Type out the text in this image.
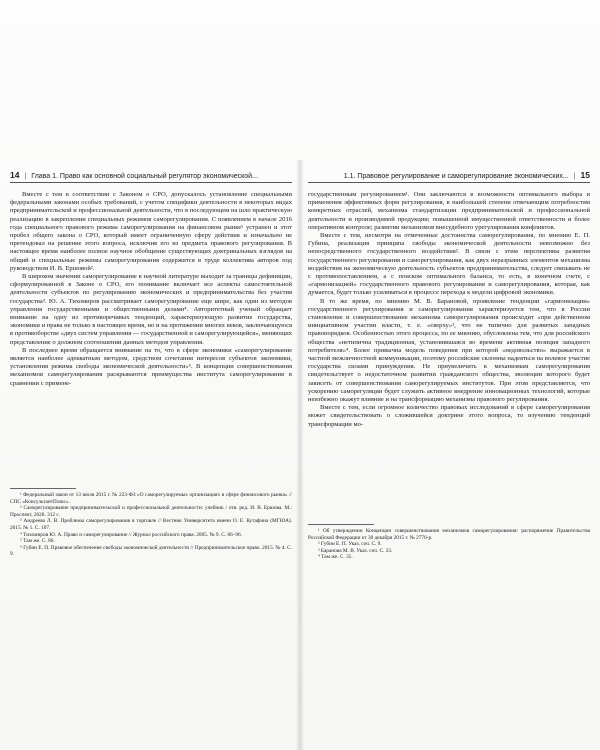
14 | Глава 1. Право как основной социальный регулятор экономической...

Вместе с тем в соответствии с Законом о СРО, допускалось установление специальными федеральными законами особых требований, с учетом специфики деятельности в некоторых видах предпринимательской и профессиональной деятельности, что в последующем на шло практическую реализацию в закреплении специальных режимов саморегулирования. С появлением в начале 2016 года специального правового режима саморегулирования на финансовом рынке¹ устранен и этот пробел общего закона о СРО, который имеет ограниченную сферу действия и изначально не претендовал на решение этого вопроса, исключив его из предмета правового регулирования. В настоящее время наиболее полное научное обобщение существующих доктринальных взглядов на общий и специальные режимы саморегулирования содержится в труде коллектива авторов под руководством И. В. Ершовой².

В широком значении саморегулирование в научной литературе выходит за границы дефиниции, сформулированной в Законе о СРО, его понимание включает все аспекты самостоятельной деятельности субъектов по регулированию экономических и предпринимательства без участия государства³. Ю. А. Тихомиров рассматривает саморегулирование еще шире, как один из методов управления государственными и общественными делами⁴. Авторитетный ученый обращает внимание на одну из противоречивых тенденций, характеризующую развитие государства, экономики и права не только в настоящее время, но и на протяжении многих веков, заключающуюся в противоборстве «двух систем управления — государственной и саморегулирующейся», меняющих представление о должном соотношении данных методов управления.

В последнее время обращается внимание на то, что в сфере экономики «саморегулирование является наиболее адекватным методом, средством сочетания интересов субъектов экономики, установления режима свободы экономической деятельности»⁵. В концепции совершенствования механизмов саморегулирования раскрываются преимущества института саморегулирования в сравнении с примене-

¹ Федеральный закон от 13 июля 2015 г. № 223-ФЗ «О саморегулируемых организациях в сфере финансового рынка» // СПС «КонсультантПлюс».

² Саморегулирование предпринимательской и профессиональной деятельности: учебник / отв. ред. И. В. Ершова. М.: Проспект, 2020. 312 с.

³ Андреева Л. В. Проблемы саморегулирования в торговле // Вестник Университета имени О. Е. Кутафина (МГЮА). 2015. № 1. С. 107.

⁴ Тихомиров Ю. А. Право и саморегулирование // Журнал российского права. 2005. № 9. С. 86–96.

⁵ Там же. С. 86.

⁶ Губин Е. П. Правовое обеспечение свободы экономической деятельности // Предпринимательское право. 2015. № 4. С. 9.

1.1. Правовое регулирование и саморегулирование экономических... | 15

государственным регулированием¹. Они заключаются в возможности оптимального выбора и применения эффективных форм регулирования, в наибольшей степени отвечающим потребностям конкретных отраслей, механизма стандартизации предпринимательской и профессиональной деятельности и производимой продукции; повышенной имущественной ответственности и более оперативном контроле; развитии механизмов внесудебного урегулирования конфликтов.

Вместе с тем, несмотря на отмеченные достоинства саморегулирования, по мнению Е. П. Губина, реализация принципа свободы экономической деятельности невозможно без непосредственного государственного воздействия². В связи с этим перспективы развития государственного регулирования и саморегулирования, как двух неразрывных элементов механизма воздействия на экономическую деятельность субъектов предпринимательства, следует связывать не с противопоставлением, а с поиском оптимального баланса, то есть, в конечном счете, с «гармонизацией» государственного правового регулирования и саморегулирования, которая, как думается, будет только усиливаться в процессе перехода к модели цифровой экономики.

В то же время, по мнению М. В. Барановой, проявление тенденции «гармонизации» государственного регулирования и саморегулирования характеризуется тем, что в России становление и совершенствование механизма саморегулирования происходит «при действенном инициативном участии власти, т. е. «сверху»³, что не типично для развитых западных правопорядков. Особенностью этого процесса, по ее мнению, обусловлена тем, что для российского общества «нетипична традиционная, установившаяся во времени активная позиция западного потребителя»⁴. Более привычна модель поведения при которой «недовольство» выражается в частной межличностной коммуникации, поэтому российские склонны надеяться на волевое участие государства силами принуждения. Не приувеличить к механизмам саморегулирования свидетельствует о недостаточном развитии гражданского общества, эволюции которого будет зависеть от совершенствования саморегулируемых институтов. При этом представляется, что ускорению саморегуляции будет служить активное внедрение инновационных технологий, которые неизбежно окажут влияние и на трансформацию механизма правового регулирования.

Вместе с тем, если огромное количество правовых исследований в сфере саморегулирования может свидетельствовать о сложившейся доктрине этого вопроса, то изучению тенденций трансформации мо-

¹ Об утверждении Концепции совершенствования механизмов саморегулирования: распоряжение Правительства Российской Федерации от 30 декабря 2015 г. № 2776-р.

² Губин Е. П. Указ. соч. С. 9.

³ Баранова М. В. Указ. соч. С. 33.

⁴ Там же. С. 35.
